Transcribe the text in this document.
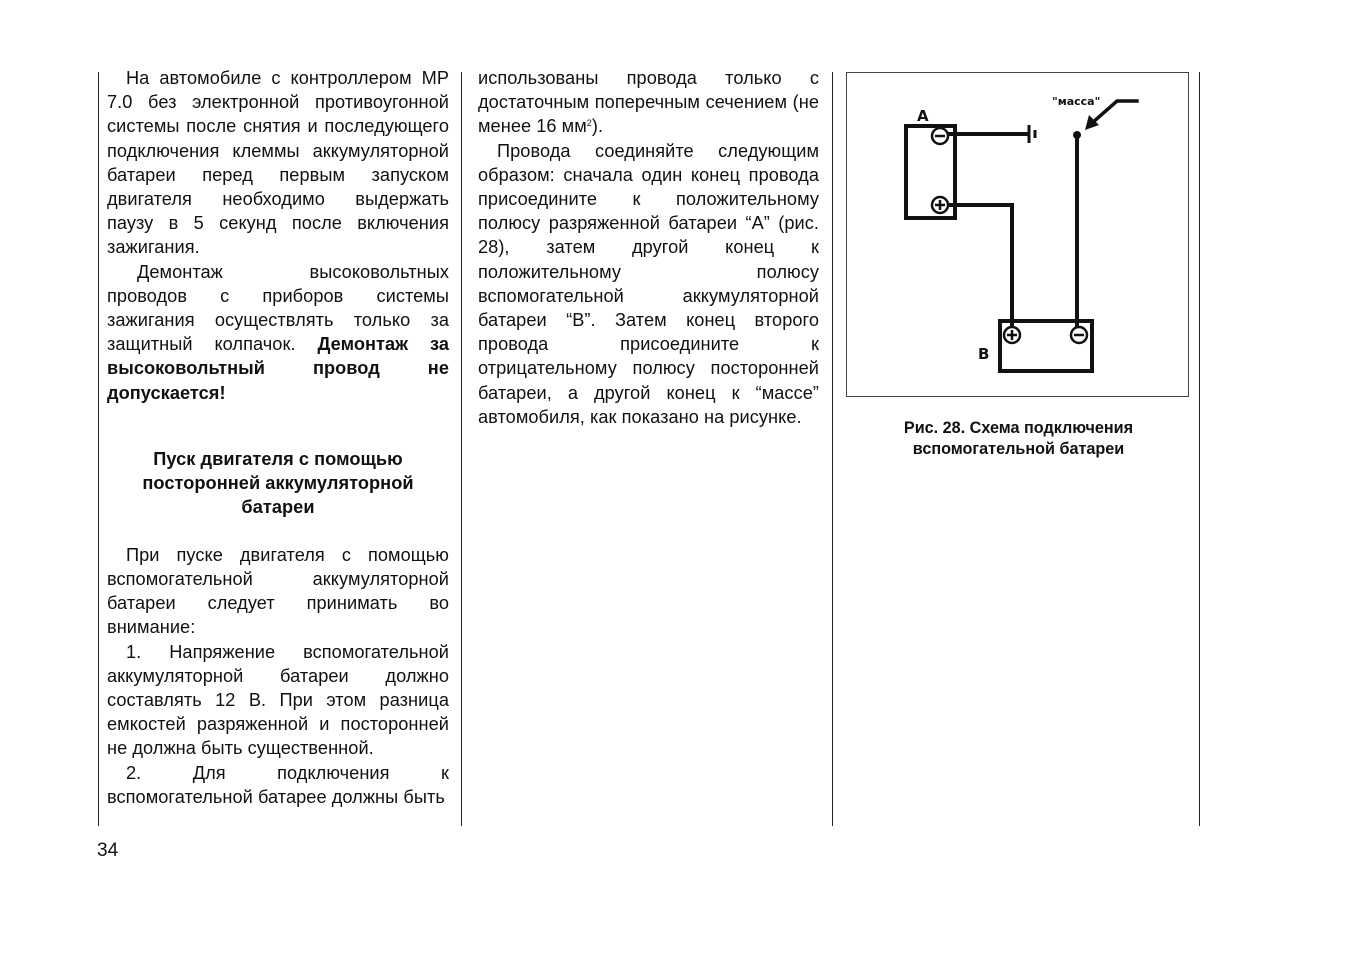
На автомобиле с контроллером МР 7.0 без электронной противоугонной системы после снятия и последующего подключения клеммы аккумуляторной батареи перед первым запуском двигателя необходимо выдержать паузу в 5 секунд после включения зажигания.

Демонтаж высоковольтных проводов с приборов системы зажигания осуществлять только за защитный колпачок. Демонтаж за высоковольтный провод не допускается!

Пуск двигателя с помощью посторонней аккумуляторной батареи

При пуске двигателя с помощью вспомогательной аккумуляторной батареи следует принимать во внимание:

1. Напряжение вспомогательной аккумуляторной батареи должно составлять 12 В. При этом разница емкостей разряженной и посторонней не должна быть существенной.

2. Для подключения к вспомогательной батарее должны быть

использованы провода только с достаточным поперечным сечением (не менее 16 $мм^2$).

Провода соединяйте следующим образом: сначала один конец провода присоедините к положительному полюсу разряженной батареи “А” (рис. 28), затем другой конец к положительному полюсу вспомогательной аккумуляторной батареи “В”. Затем конец второго провода присоедините к отрицательному полюсу посторонней батареи, а другой конец к “массе” автомобиля, как показано на рисунке.

А
В
"масса"
Рис. 28. Схема подключения
вспомогательной батареи
34
